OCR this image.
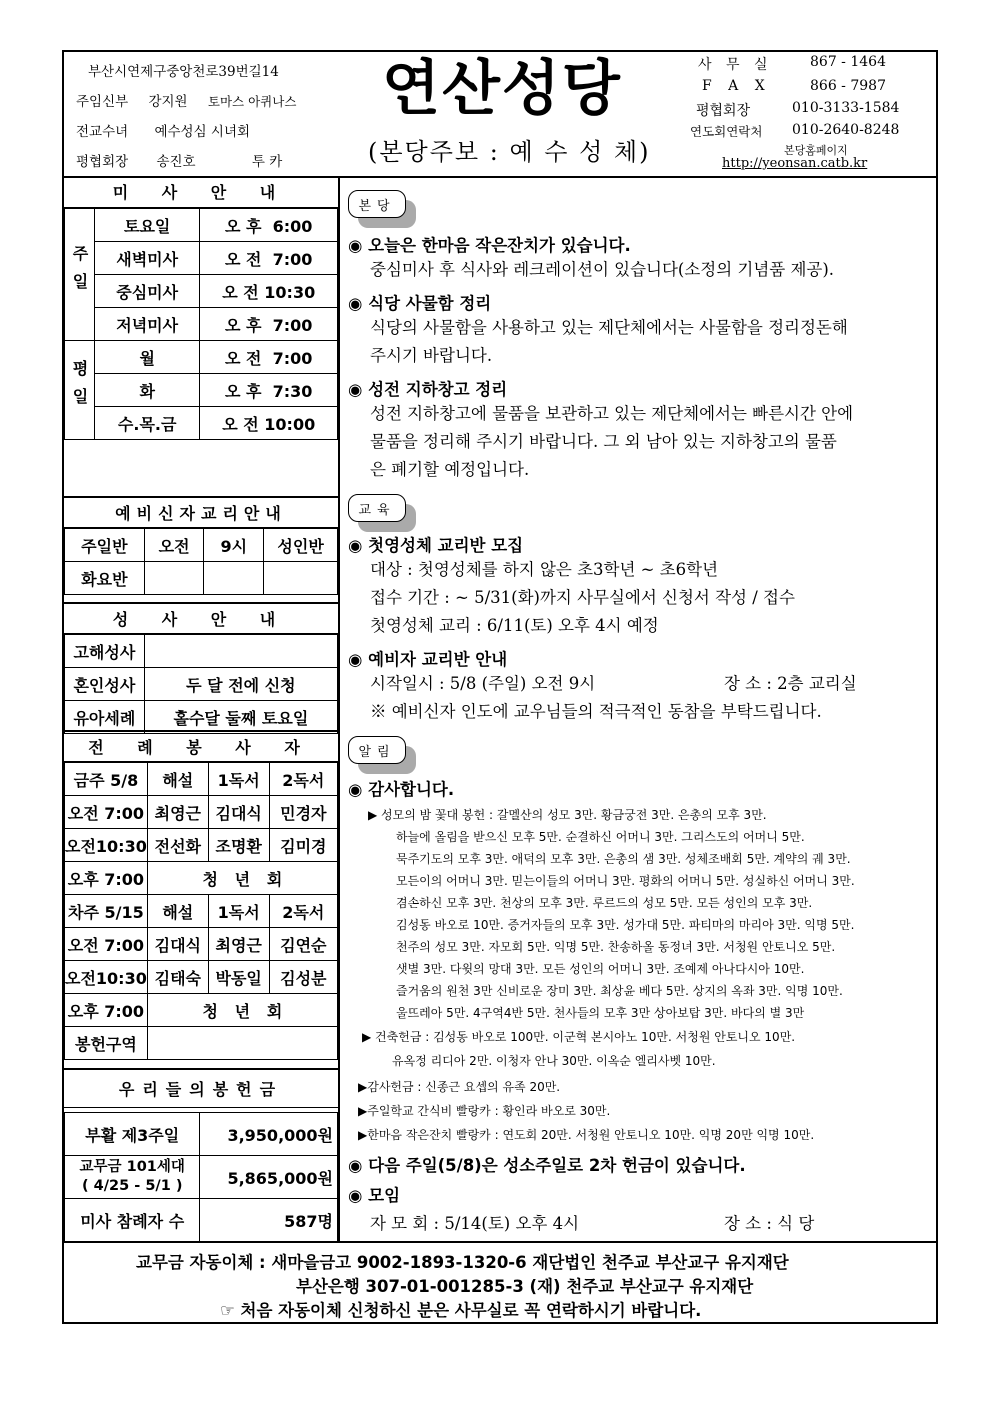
부산시연제구중앙천로39번길14
주임신부 강지원 토마스 아퀴나스
전교수녀 예수성심 시녀회
평협회장 송진호	투 카
연산성당
(본당주보 : 예 수 성 체)
사 무 실	867 - 1464
F A X	866 - 7987
평협회장	010-3133-1584
연도회연락처 010-2640-8248
본당홈페이지
http://yeonsan.catb.kr
미 사 안 내
주일	토요일	오 후  6:00
	새벽미사	오 전  7:00
	중심미사	오 전 10:30
	저녁미사	오 후  7:00
평일	월	오 전  7:00
	화	오 후  7:30
	수.목.금	오 전 10:00
예비신자교리안내
주일반	오전	9시	성인반
화요반			
성 사 안 내
고해성사	
혼인성사	두 달 전에 신청
유아세례	홀수달 둘째 토요일
전 례 봉 사 자
금주 5/8	해설	1독서	2독서
오전 7:00	최영근	김대식	민경자
오전10:30	전선화	조명환	김미경
오후 7:00	청   년   회		
차주 5/15	해설	1독서	2독서
오전 7:00	김대식	최영근	김연순
오전10:30	김태숙	박동일	김성분
오후 7:00	청   년   회		
봉헌구역			
우리들의봉헌금
부활 제3주일	3,950,000원
교무금 101세대
( 4/25 - 5/1 )	5,865,000원
미사 참례자 수	587명
본당
◉ 오늘은 한마음 작은잔치가 있습니다.
중심미사 후 식사와 레크레이션이 있습니다(소정의 기념품 제공).
◉ 식당 사물함 정리
식당의 사물함을 사용하고 있는 제단체에서는 사물함을 정리정돈해
주시기 바랍니다.
◉ 성전 지하창고 정리
성전 지하창고에 물품을 보관하고 있는 제단체에서는 빠른시간 안에
물품을 정리해 주시기 바랍니다. 그 외 남아 있는 지하창고의 물품
은 폐기할 예정입니다.
교육
◉ 첫영성체 교리반 모집
대상 : 첫영성체를 하지 않은 초3학년 ~ 초6학년
접수 기간 : ~ 5/31(화)까지 사무실에서 신청서 작성 / 접수
첫영성체 교리 : 6/11(토) 오후 4시 예정
◉ 예비자 교리반 안내
시작일시 : 5/8 (주일) 오전 9시	장 소 : 2층 교리실
※ 예비신자 인도에 교우님들의 적극적인 동참을 부탁드립니다.
알림
◉ 감사합니다.
▶ 성모의 밤 꽃대 봉헌 : 갈멜산의 성모 3만. 황금궁전 3만. 은총의 모후 3만.
하늘에 올림을 받으신 모후 5만. 순결하신 어머니 3만. 그리스도의 어머니 5만.
묵주기도의 모후 3만. 애덕의 모후 3만. 은총의 샘 3만. 성체조배회 5만. 계약의 궤 3만.
모든이의 어머니 3만. 믿는이들의 어머니 3만. 평화의 어머니 5만. 성실하신 어머니 3만.
겸손하신 모후 3만. 천상의 모후 3만. 루르드의 성모 5만. 모든 성인의 모후 3만.
김성동 바오로 10만. 증거자들의 모후 3만. 성가대 5만. 파티마의 마리아 3만. 익명 5만.
천주의 성모 3만. 자모회 5만. 익명 5만. 찬송하올 동정녀 3만. 서청원 안토니오 5만.
샛별 3만. 다윗의 망대 3만. 모든 성인의 어머니 3만. 조예제 아나다시아 10만.
즐거움의 원천 3만 신비로운 장미 3만. 최상윤 베다 5만. 상지의 옥좌 3만. 익명 10만.
울뜨레아 5만. 4구역4반 5만. 천사들의 모후 3만 상아보탑 3만. 바다의 별 3만
▶ 건축헌금 : 김성동 바오로 100만. 이군혁 본시아노 10만. 서청원 안토니오 10만.
유옥정 리디아 2만. 이청자 안나 30만. 이옥순 엘리사벳 10만.
▶감사헌금 : 신종근 요셉의 유족 20만.
▶주일학교 간식비 빨랑카 : 황인라 바오로 30만.
▶한마음 작은잔치 빨랑카 : 연도회 20만. 서청원 안토니오 10만. 익명 20만 익명 10만.
◉ 다음 주일(5/8)은 성소주일로 2차 헌금이 있습니다.
◉ 모임
자 모 회 : 5/14(토) 오후 4시	장 소 : 식 당
교무금 자동이체 : 새마을금고 9002-1893-1320-6 재단법인 천주교 부산교구 유지재단
부산은행 307-01-001285-3 (재) 천주교 부산교구 유지재단
☞ 처음 자동이체 신청하신 분은 사무실로 꼭 연락하시기 바랍니다.
